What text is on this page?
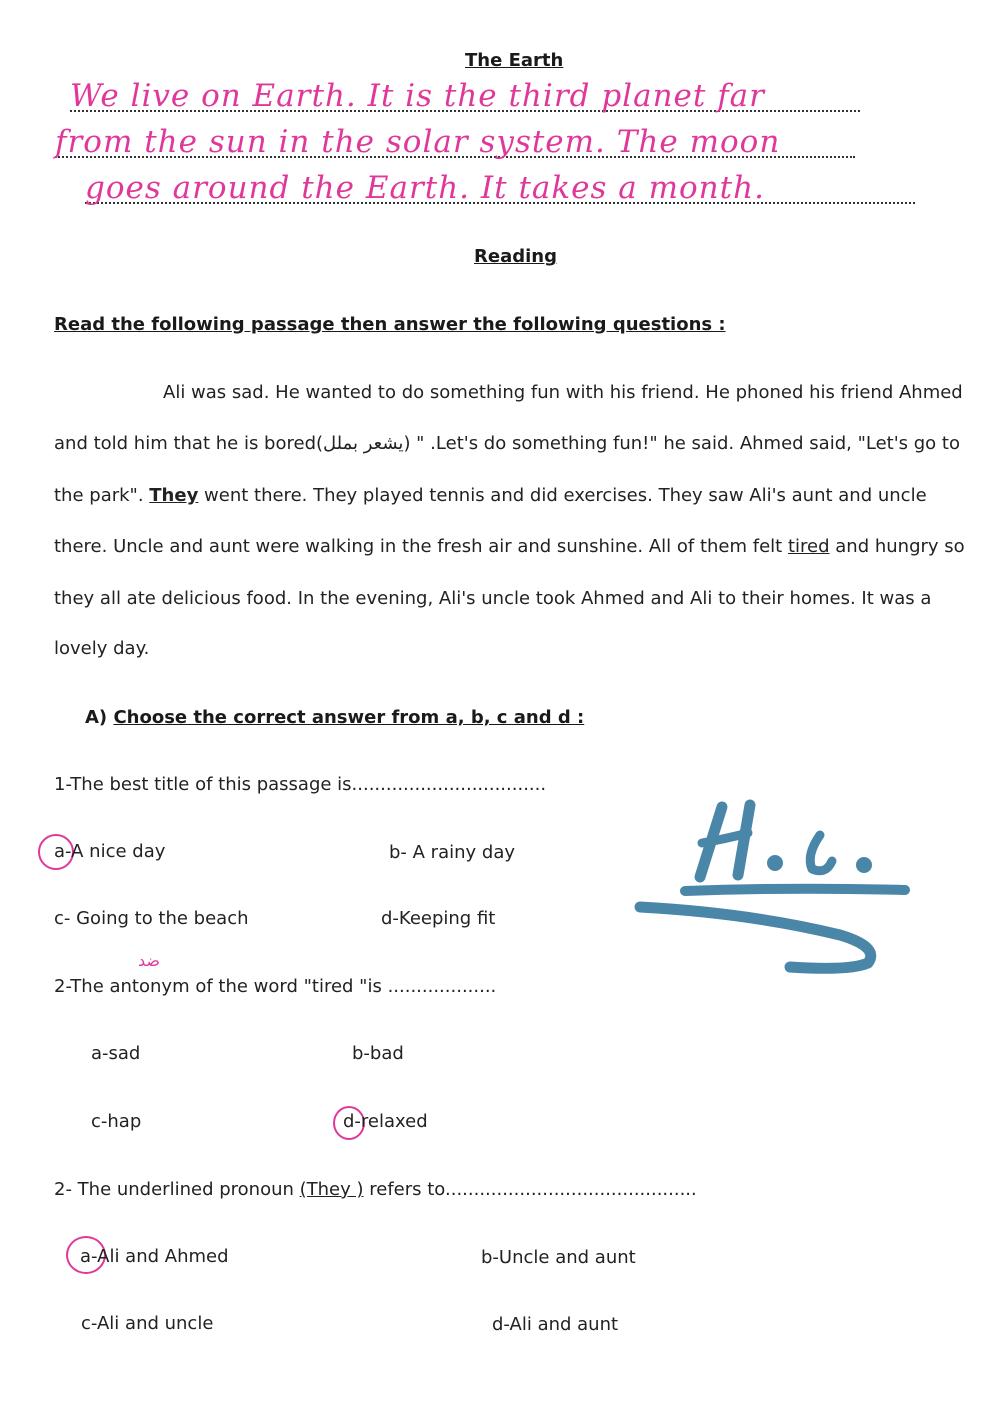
The Earth
We live on Earth. It is the third planet far
from the sun in the solar system. The moon
goes around the Earth. It takes a month.
Reading
Read the following passage then answer the following questions :
Ali was sad. He wanted to do something fun with his friend. He phoned his friend Ahmed
and told him that he is bored(يشعر بملل) " .Let's do something fun!" he said. Ahmed said, "Let's go to
the park". They went there. They played tennis and did exercises. They saw Ali's aunt and uncle
there. Uncle and aunt were walking in the fresh air and sunshine. All of them felt tired and hungry so
they all ate delicious food. In the evening, Ali's uncle took Ahmed and Ali to their homes. It was a
lovely day.
A) Choose the correct answer from a, b, c and d :
1-The best title of this passage is..................................
a-A nice day	b- A rainy day
c- Going to the beach	d-Keeping fit
ضد
2-The antonym of the word "tired "is ...................
a-sad	b-bad
c-hap	d-relaxed
2- The underlined pronoun (They ) refers to............................................
a-Ali and Ahmed	b-Uncle and aunt
c-Ali and uncle	d-Ali and aunt
